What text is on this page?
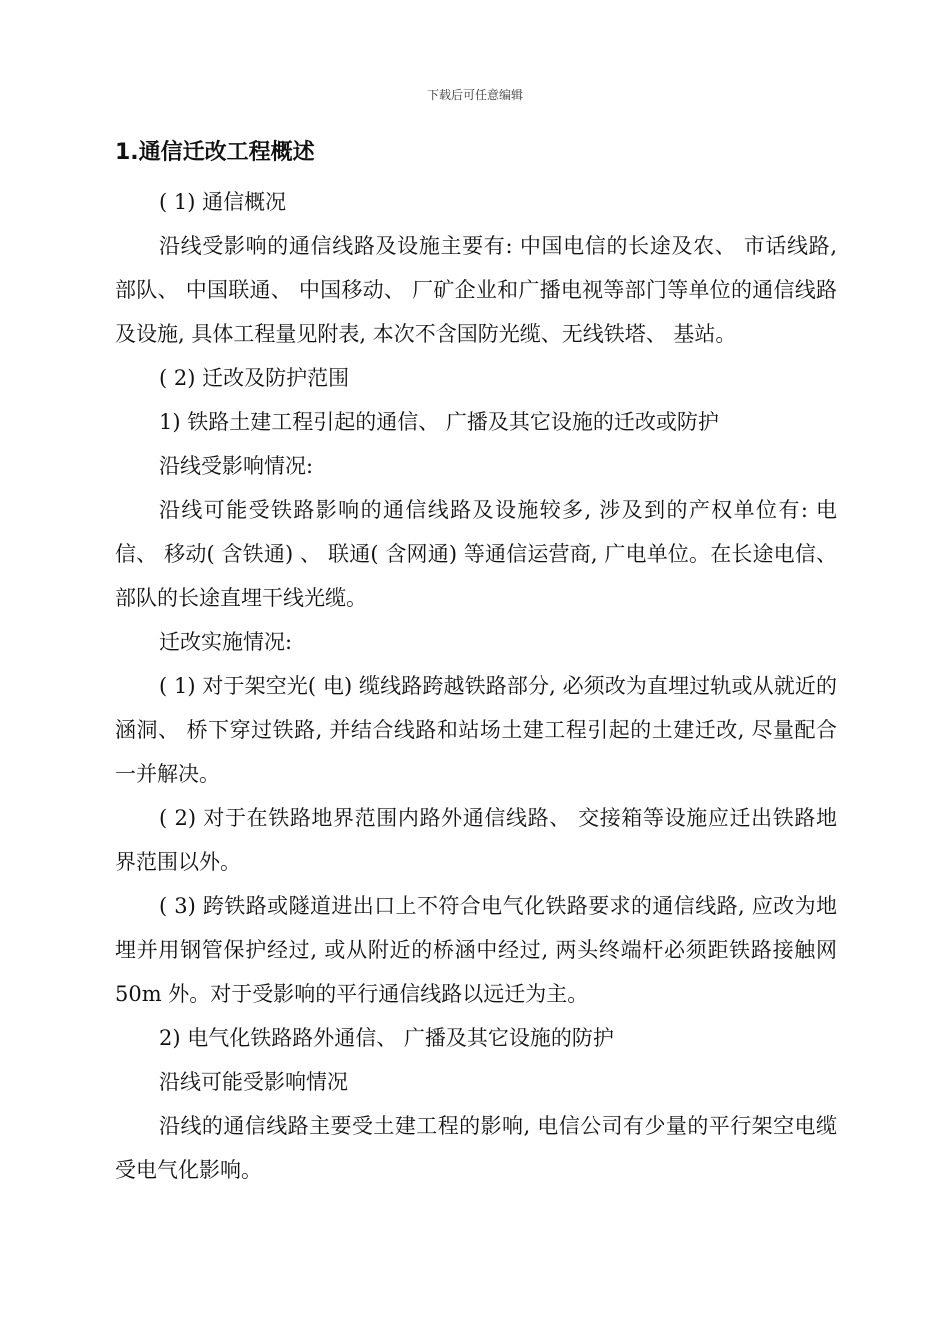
下载后可任意编辑
1.通信迁改工程概述

( 1) 通信概况

沿线受影响的通信线路及设施主要有: 中国电信的长途及农、 市话线路, 部队、 中国联通、 中国移动、 厂矿企业和广播电视等部门等单位的通信线路及设施, 具体工程量见附表, 本次不含国防光缆、无线铁塔、 基站。

( 2) 迁改及防护范围

1) 铁路土建工程引起的通信、 广播及其它设施的迁改或防护

沿线受影响情况:

沿线可能受铁路影响的通信线路及设施较多, 涉及到的产权单位有: 电信、 移动( 含铁通) 、 联通( 含网通) 等通信运营商, 广电单位。在长途电信、 部队的长途直埋干线光缆。

迁改实施情况:

( 1) 对于架空光( 电) 缆线路跨越铁路部分, 必须改为直埋过轨或从就近的涵洞、 桥下穿过铁路, 并结合线路和站场土建工程引起的土建迁改, 尽量配合一并解决。

( 2) 对于在铁路地界范围内路外通信线路、 交接箱等设施应迁出铁路地界范围以外。

( 3) 跨铁路或隧道进出口上不符合电气化铁路要求的通信线路, 应改为地埋并用钢管保护经过, 或从附近的桥涵中经过, 两头终端杆必须距铁路接触网 50m 外。对于受影响的平行通信线路以远迁为主。

2) 电气化铁路路外通信、 广播及其它设施的防护

沿线可能受影响情况

沿线的通信线路主要受土建工程的影响, 电信公司有少量的平行架空电缆受电气化影响。
